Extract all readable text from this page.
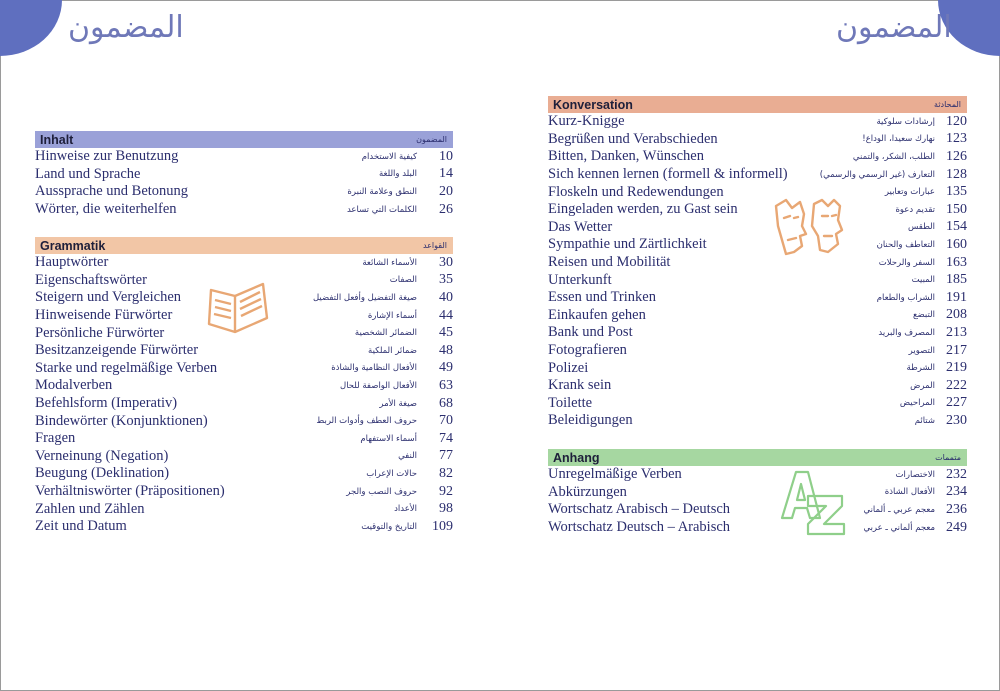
المضمون	المضمون
Inhalt	المضمون
Hinweise zur Benutzung	كيفية الاستخدام	10
Land und Sprache	البلد واللغة	14
Aussprache und Betonung	النطق وعلامة النبرة	20
Wörter, die weiterhelfen	الكلمات التي تساعد	26
Grammatik	القواعد
Hauptwörter	الأسماء الشائعة	30
Eigenschaftswörter	الصفات	35
Steigern und Vergleichen	صيغة التفضيل وأفعل التفضيل	40
Hinweisende Fürwörter	أسماء الإشارة	44
Persönliche Fürwörter	الضمائر الشخصية	45
Besitzanzeigende Fürwörter	ضمائر الملكية	48
Starke und regelmäßige Verben	الأفعال النظامية والشاذة	49
Modalverben	الأفعال الواصفة للحال	63
Befehlsform (Imperativ)	صيغة الأمر	68
Bindewörter (Konjunktionen)	حروف العطف وأدوات الربط	70
Fragen	أسماء الاستفهام	74
Verneinung (Negation)	النفي	77
Beugung (Deklination)	حالات الإعراب	82
Verhältniswörter (Präpositionen)	حروف النصب والجر	92
Zahlen und Zählen	الأعداد	98
Zeit und Datum	التاريخ والتوقيت	109
Konversation	المحادثة
Kurz-Knigge	إرشادات سلوكية 120
Begrüßen und Verabschieden	نهارك سعيدا، الوداع! 123
Bitten, Danken, Wünschen	الطلب، الشكر، والتمني 126
Sich kennen lernen (formell & informell)	التعارف (غير الرسمي والرسمي) 128
Floskeln und Redewendungen	عبارات وتعابير 135
Eingeladen werden, zu Gast sein	تقديم دعوة 150
Das Wetter	الطقس 154
Sympathie und Zärtlichkeit	التعاطف والحنان 160
Reisen und Mobilität	السفر والرحلات 163
Unterkunft	المبيت 185
Essen und Trinken	الشراب والطعام 191
Einkaufen gehen	التبضع 208
Bank und Post	المصرف والبريد 213
Fotografieren	التصوير 217
Polizei	الشرطة 219
Krank sein	المرض 222
Toilette	المراحيض 227
Beleidigungen	شتائم 230
Anhang	متممات
Unregelmäßige Verben	الاختصارات 232
Abkürzungen	الأفعال الشاذة 234
Wortschatz Arabisch – Deutsch	معجم عربي ـ ألماني 236
Wortschatz Deutsch – Arabisch	معجم ألماني ـ عربي 249
